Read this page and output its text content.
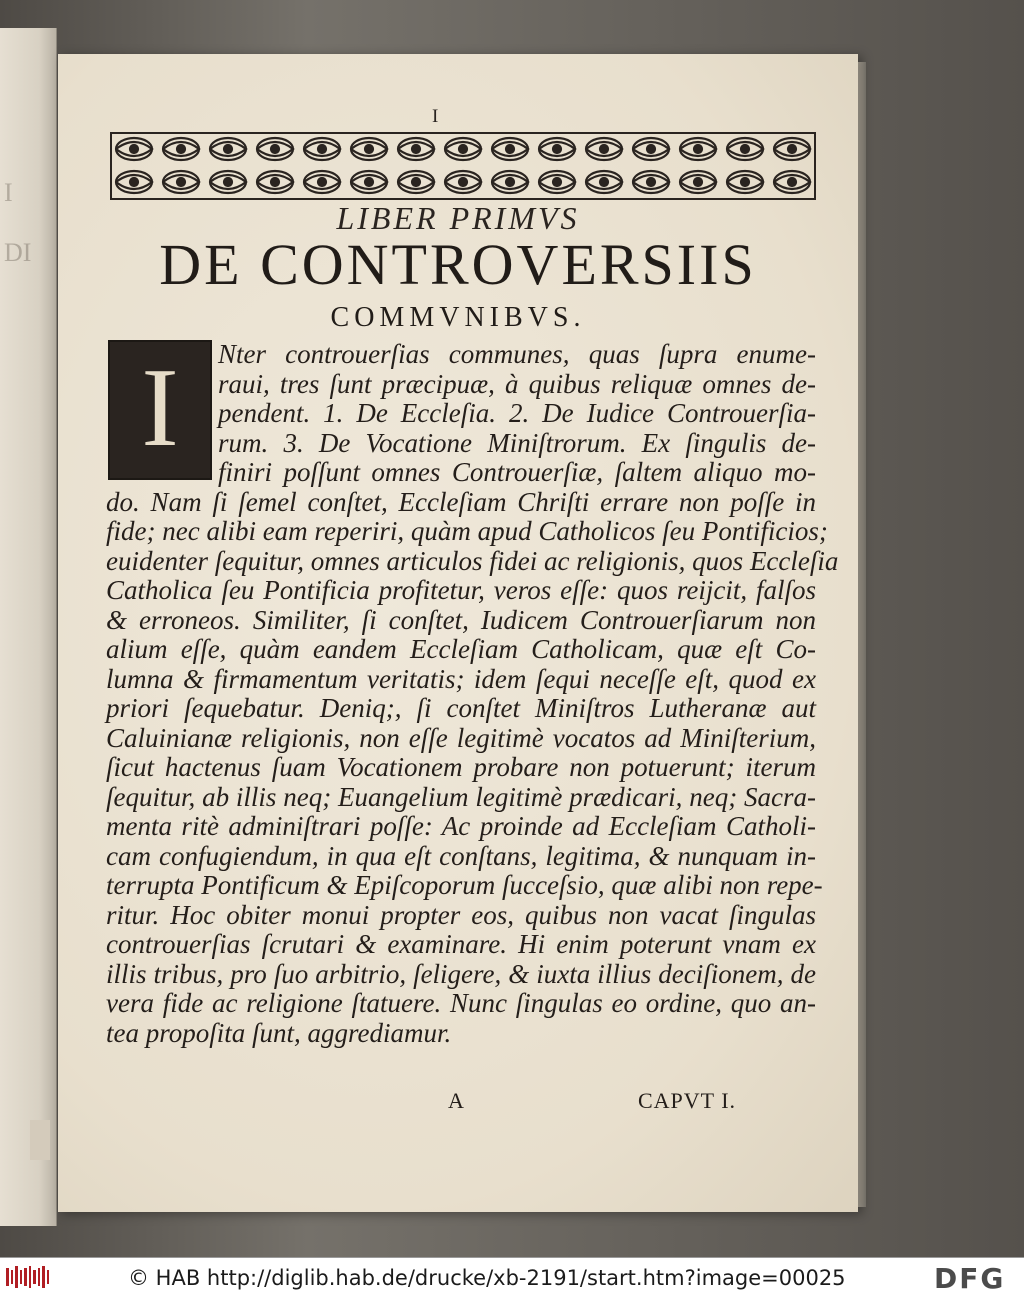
I
DI
I
LIBER PRIMVS
DE CONTROVERSIIS
COMMVNIBVS.
Nter controuerſias communes, quas ſupra enume-
raui, tres ſunt præcipuæ, à quibus reliquæ omnes de-
pendent. 1. De Eccleſia. 2. De Iudice Controuerſia-
rum. 3. De Vocatione Miniſtrorum. Ex ſingulis de-
finiri poſſunt omnes Controuerſiæ, ſaltem aliquo mo-
do. Nam ſi ſemel conſtet, Eccleſiam Chriſti errare non poſſe in
fide; nec alibi eam reperiri, quàm apud Catholicos ſeu Pontificios;
euidenter ſequitur, omnes articulos fidei ac religionis, quos Eccleſia
Catholica ſeu Pontificia profitetur, veros eſſe: quos reijcit, falſos
& erroneos. Similiter, ſi conſtet, Iudicem Controuerſiarum non
alium eſſe, quàm eandem Eccleſiam Catholicam, quæ eſt Co-
lumna & firmamentum veritatis; idem ſequi neceſſe eſt, quod ex
priori ſequebatur. Deniq;, ſi conſtet Miniſtros Lutheranæ aut
Caluinianæ religionis, non eſſe legitimè vocatos ad Miniſterium,
ſicut hactenus ſuam Vocationem probare non potuerunt; iterum
ſequitur, ab illis neq; Euangelium legitimè prædicari, neq; Sacra-
menta ritè adminiſtrari poſſe: Ac proinde ad Eccleſiam Catholi-
cam confugiendum, in qua eſt conſtans, legitima, & nunquam in-
terrupta Pontificum & Epiſcoporum ſucceſsio, quæ alibi non repe-
ritur. Hoc obiter monui propter eos, quibus non vacat ſingulas
controuerſias ſcrutari & examinare. Hi enim poterunt vnam ex
illis tribus, pro ſuo arbitrio, ſeligere, & iuxta illius deciſionem, de
vera fide ac religione ſtatuere. Nunc ſingulas eo ordine, quo an-
tea propoſita ſunt, aggrediamur.
I
A	CAPVT I.
© HAB http://diglib.hab.de/drucke/xb-2191/start.htm?image=00025	DFG
